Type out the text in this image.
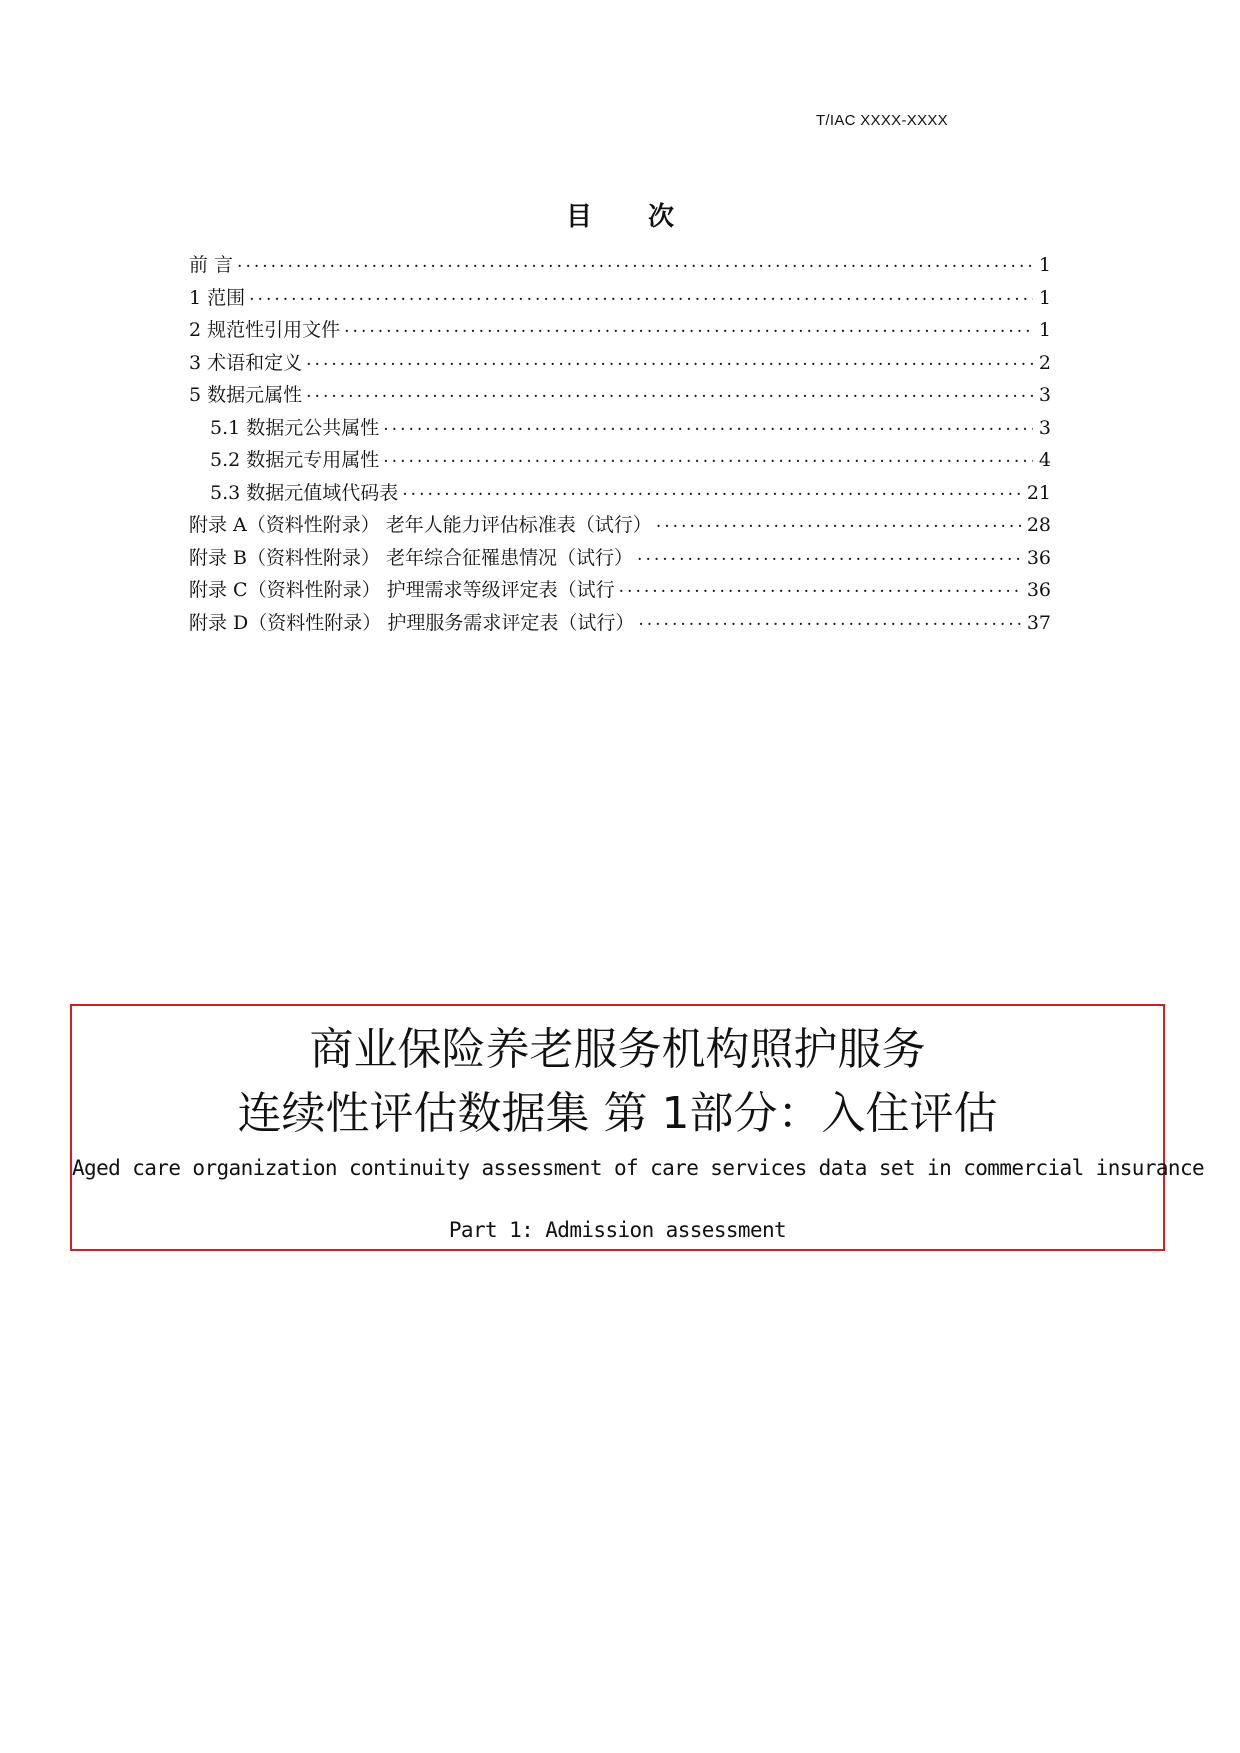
T/IAC XXXX-XXXX
目 次
前 言 . . .	1
1 范围 . . .	1
2 规范性引用文件 . . .	1
3 术语和定义 . . .	2
5 数据元属性 . . .	3
5.1 数据元公共属性 . . .	3
5.2 数据元专用属性 . . .	4
5.3 数据元值域代码表 . . .	21
附录 A（资料性附录） 老年人能力评估标准表（试行） . . .	28
附录 B（资料性附录） 老年综合征罹患情况（试行） . . .	36
附录 C（资料性附录） 护理需求等级评定表（试行 . . .	36
附录 D（资料性附录） 护理服务需求评定表（试行） . . .	37
商业保险养老服务机构照护服务
连续性评估数据集 第 1部分：入住评估
Aged care organization continuity assessment of care services data set in commercial insurance
Part 1: Admission assessment
